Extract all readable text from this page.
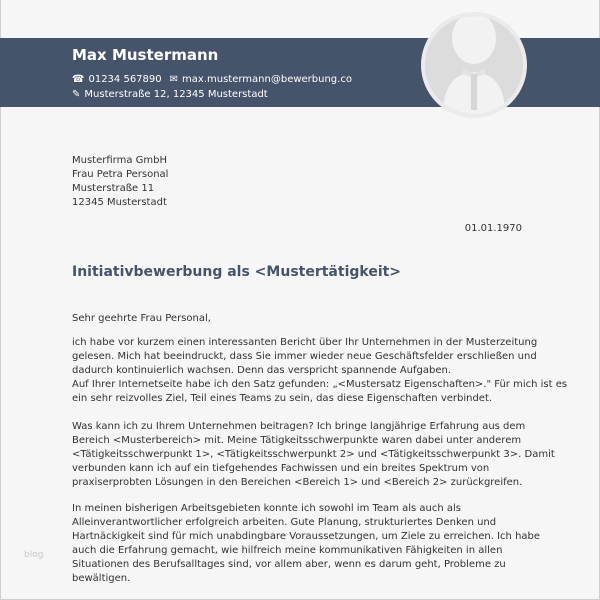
Max Mustermann
☎ 01234 567890 ✉ max.mustermann@bewerbung.co
✎ Musterstraße 12, 12345 Musterstadt
Musterfirma GmbH
Frau Petra Personal
Musterstraße 11
12345 Musterstadt
01.01.1970
Initiativbewerbung als <Mustertätigkeit>
Sehr geehrte Frau Personal,
ich habe vor kurzem einen interessanten Bericht über Ihr Unternehmen in der Musterzeitung
gelesen. Mich hat beeindruckt, dass Sie immer wieder neue Geschäftsfelder erschließen und
dadurch kontinuierlich wachsen. Denn das verspricht spannende Aufgaben.
Auf Ihrer Internetseite habe ich den Satz gefunden: „<Mustersatz Eigenschaften>." Für mich ist es
ein sehr reizvolles Ziel, Teil eines Teams zu sein, das diese Eigenschaften verbindet.
Was kann ich zu Ihrem Unternehmen beitragen? Ich bringe langjährige Erfahrung aus dem
Bereich <Musterbereich> mit. Meine Tätigkeitsschwerpunkte waren dabei unter anderem
<Tätigkeitsschwerpunkt 1>, <Tätigkeitsschwerpunkt 2> und <Tätigkeitsschwerpunkt 3>. Damit
verbunden kann ich auf ein tiefgehendes Fachwissen und ein breites Spektrum von
praxiserprobten Lösungen in den Bereichen <Bereich 1> und <Bereich 2> zurückgreifen.
In meinen bisherigen Arbeitsgebieten konnte ich sowohl im Team als auch als
Alleinverantwortlicher erfolgreich arbeiten. Gute Planung, strukturiertes Denken und
Hartnäckigkeit sind für mich unabdingbare Voraussetzungen, um Ziele zu erreichen. Ich habe
auch die Erfahrung gemacht, wie hilfreich meine kommunikativen Fähigkeiten in allen
Situationen des Berufsalltages sind, vor allem aber, wenn es darum geht, Probleme zu
bewältigen.
blog
